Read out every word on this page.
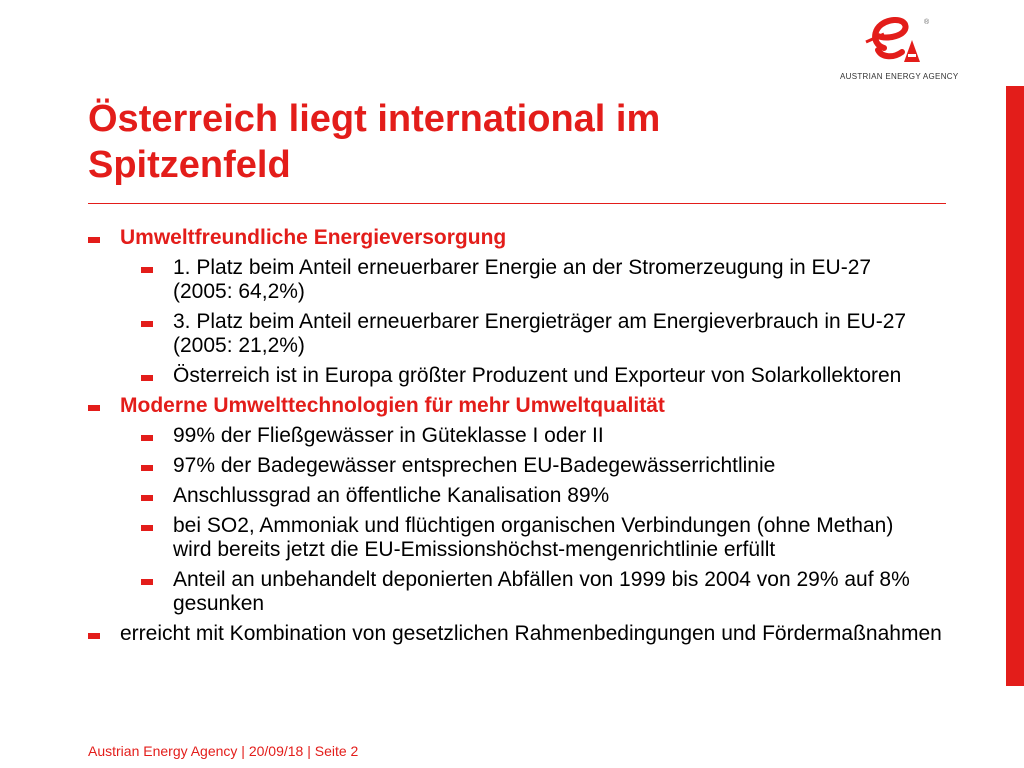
®
AUSTRIAN ENERGY AGENCY
Österreich liegt international im
Spitzenfeld
Umweltfreundliche Energieversorgung
1. Platz beim Anteil erneuerbarer Energie an der Stromerzeugung in EU-27 (2005: 64,2%)
3. Platz beim Anteil erneuerbarer Energieträger am Energieverbrauch in EU-27 (2005: 21,2%)
Österreich ist in Europa größter Produzent und Exporteur von Solarkollektoren
Moderne Umwelttechnologien für mehr Umweltqualität
99% der Fließgewässer in Güteklasse I oder II
97% der Badegewässer entsprechen EU-Badegewässerrichtlinie
Anschlussgrad an öffentliche Kanalisation 89%
bei SO2, Ammoniak und flüchtigen organischen Verbindungen (ohne Methan) wird bereits jetzt die EU-Emissionshöchst-mengenrichtlinie erfüllt
Anteil an unbehandelt deponierten Abfällen von 1999 bis 2004 von 29% auf 8% gesunken
erreicht mit Kombination von gesetzlichen Rahmenbedingungen und Fördermaßnahmen
Austrian Energy Agency | 20/09/18 | Seite 2
